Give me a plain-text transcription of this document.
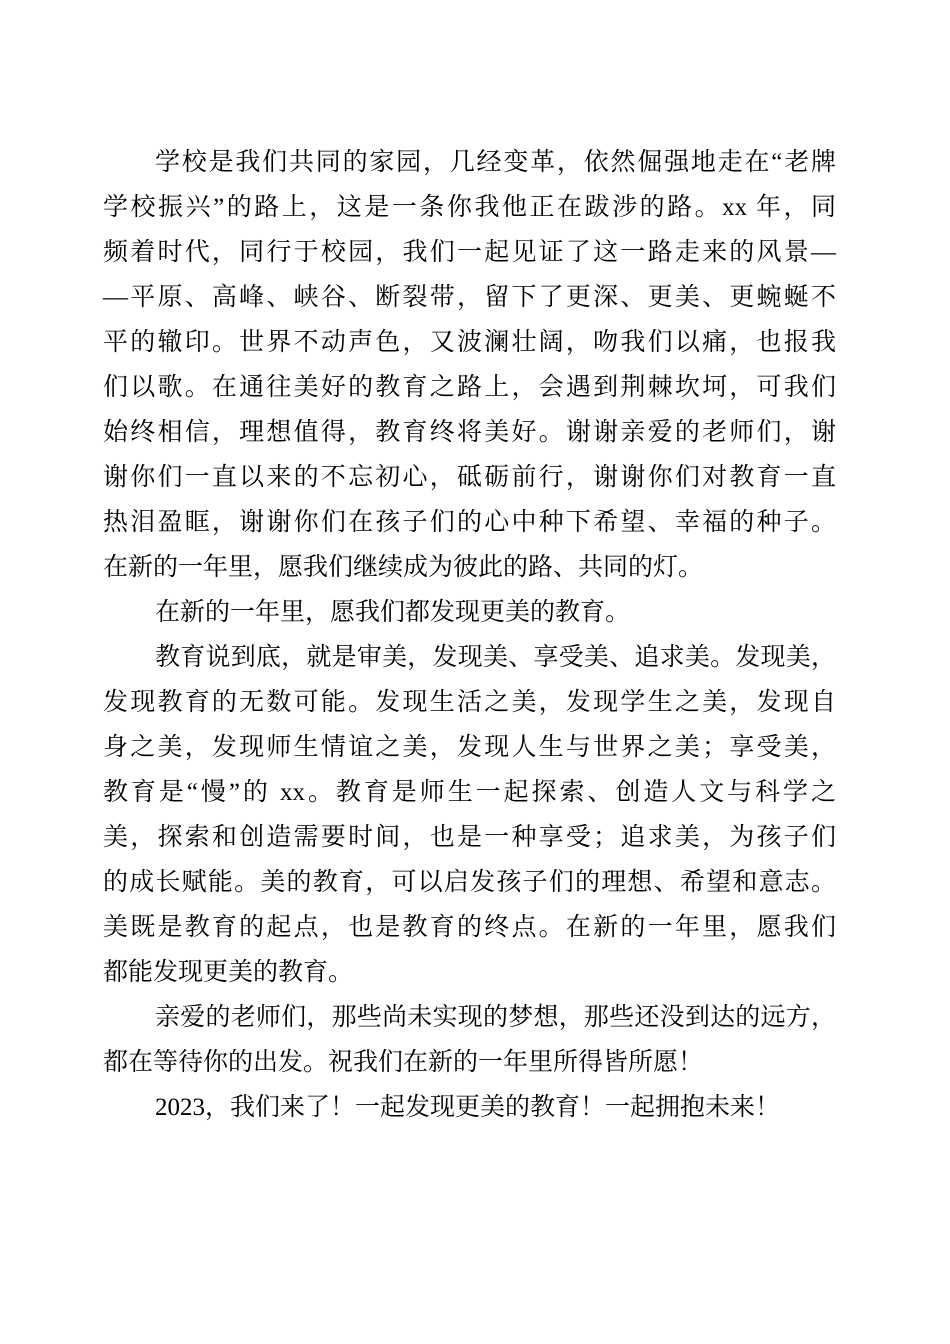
学校是我们共同的家园，几经变革，依然倔强地走在“老牌
学校振兴”的路上，这是一条你我他正在跋涉的路。xx 年，同
频着时代，同行于校园，我们一起见证了这一路走来的风景—
—平原、高峰、峡谷、断裂带，留下了更深、更美、更蜿蜒不
平的辙印。世界不动声色，又波澜壮阔，吻我们以痛，也报我
们以歌。在通往美好的教育之路上，会遇到荆棘坎坷，可我们
始终相信，理想值得，教育终将美好。谢谢亲爱的老师们，谢
谢你们一直以来的不忘初心，砥砺前行，谢谢你们对教育一直
热泪盈眶，谢谢你们在孩子们的心中种下希望、幸福的种子。
在新的一年里，愿我们继续成为彼此的路、共同的灯。
在新的一年里，愿我们都发现更美的教育。
教育说到底，就是审美，发现美、享受美、追求美。发现美，
发现教育的无数可能。发现生活之美，发现学生之美，发现自
身之美，发现师生情谊之美，发现人生与世界之美；享受美，
教育是“慢”的 xx。教育是师生一起探索、创造人文与科学之
美，探索和创造需要时间，也是一种享受；追求美，为孩子们
的成长赋能。美的教育，可以启发孩子们的理想、希望和意志。
美既是教育的起点，也是教育的终点。在新的一年里，愿我们
都能发现更美的教育。
亲爱的老师们，那些尚未实现的梦想，那些还没到达的远方，
都在等待你的出发。祝我们在新的一年里所得皆所愿！
2023，我们来了！一起发现更美的教育！一起拥抱未来！
